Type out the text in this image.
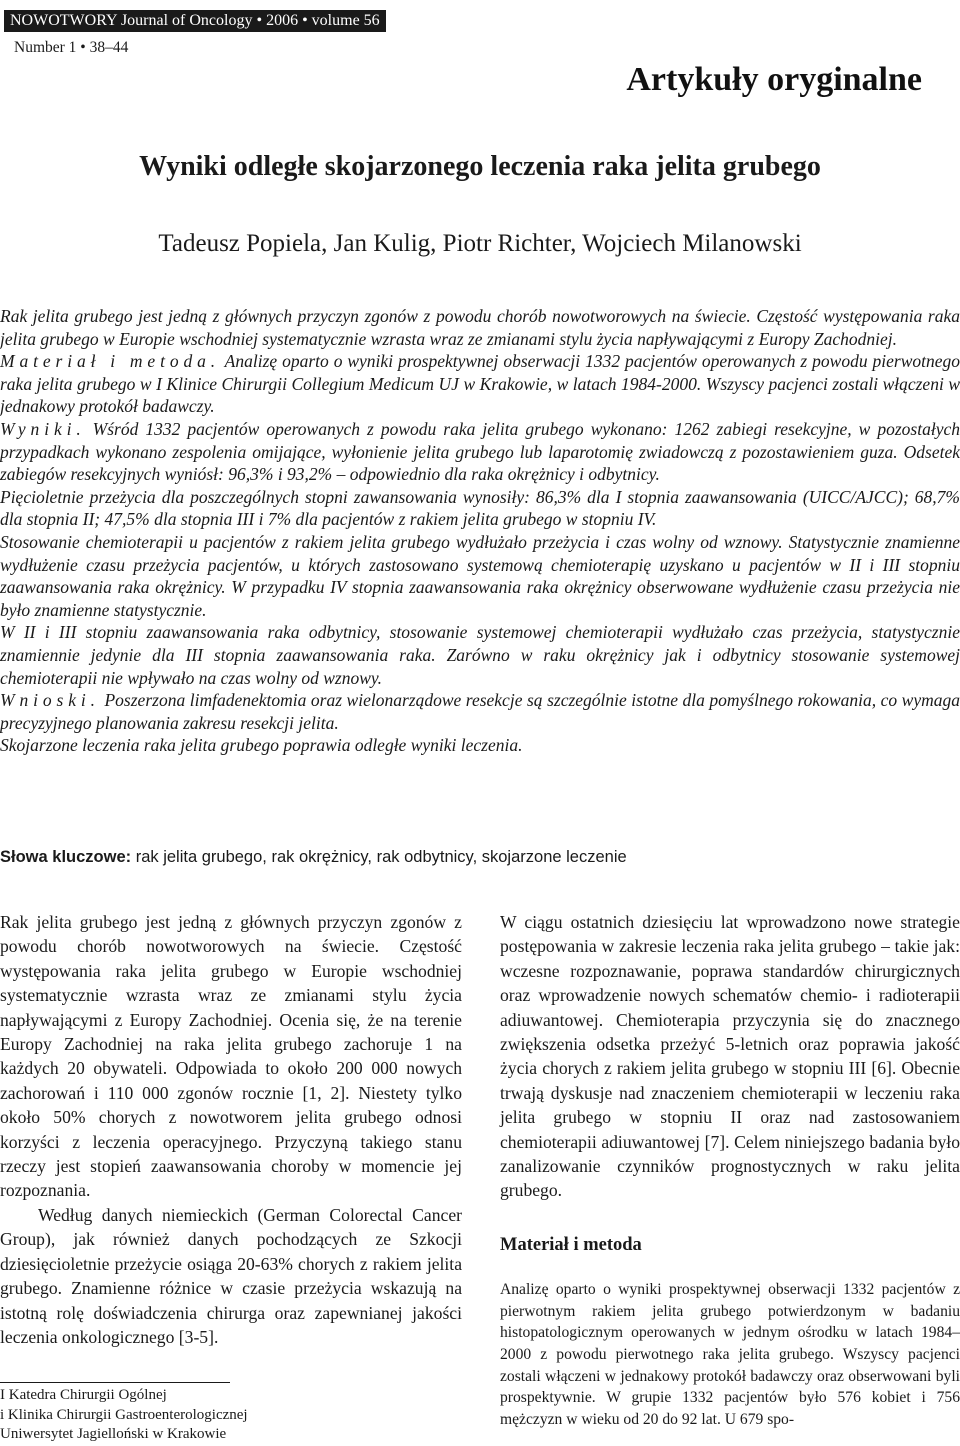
NOWOTWORY Journal of Oncology • 2006 • volume 56
Number 1 • 38–44
Artykuły oryginalne
Wyniki odległe skojarzonego leczenia raka jelita grubego
Tadeusz Popiela, Jan Kulig, Piotr Richter, Wojciech Milanowski

Rak jelita grubego jest jedną z głównych przyczyn zgonów z powodu chorób nowotworowych na świecie. Częstość występowania raka jelita grubego w Europie wschodniej systematycznie wzrasta wraz ze zmianami stylu życia napływającymi z Europy Zachodniej.

Materiał i metoda. Analizę oparto o wyniki prospektywnej obserwacji 1332 pacjentów operowanych z powodu pierwotnego raka jelita grubego w I Klinice Chirurgii Collegium Medicum UJ w Krakowie, w latach 1984-2000. Wszyscy pacjenci zostali włączeni w jednakowy protokół badawczy.

Wyniki. Wśród 1332 pacjentów operowanych z powodu raka jelita grubego wykonano: 1262 zabiegi resekcyjne, w pozostałych przypadkach wykonano zespolenia omijające, wyłonienie jelita grubego lub laparotomię zwiadowczą z pozostawieniem guza. Odsetek zabiegów resekcyjnych wyniósł: 96,3% i 93,2% – odpowiednio dla raka okrężnicy i odbytnicy.

Pięcioletnie przeżycia dla poszczególnych stopni zawansowania wynosiły: 86,3% dla I stopnia zaawansowania (UICC/AJCC); 68,7% dla stopnia II; 47,5% dla stopnia III i 7% dla pacjentów z rakiem jelita grubego w stopniu IV.

Stosowanie chemioterapii u pacjentów z rakiem jelita grubego wydłużało przeżycia i czas wolny od wznowy. Statystycznie znamienne wydłużenie czasu przeżycia pacjentów, u których zastosowano systemową chemioterapię uzyskano u pacjentów w II i III stopniu zaawansowania raka okrężnicy. W przypadku IV stopnia zaawansowania raka okrężnicy obserwowane wydłużenie czasu przeżycia nie było znamienne statystycznie.

W II i III stopniu zaawansowania raka odbytnicy, stosowanie systemowej chemioterapii wydłużało czas przeżycia, statystycznie znamiennie jedynie dla III stopnia zaawansowania raka. Zarówno w raku okrężnicy jak i odbytnicy stosowanie systemowej chemioterapii nie wpływało na czas wolny od wznowy.

Wnioski. Poszerzona limfadenektomia oraz wielonarządowe resekcje są szczególnie istotne dla pomyślnego rokowania, co wymaga precyzyjnego planowania zakresu resekcji jelita.

Skojarzone leczenia raka jelita grubego poprawia odległe wyniki leczenia.

Słowa kluczowe: rak jelita grubego, rak okrężnicy, rak odbytnicy, skojarzone leczenie

Rak jelita grubego jest jedną z głównych przyczyn zgonów z powodu chorób nowotworowych na świecie. Częstość występowania raka jelita grubego w Europie wschodniej systematycznie wzrasta wraz ze zmianami stylu życia napływającymi z Europy Zachodniej. Ocenia się, że na terenie Europy Zachodniej na raka jelita grubego zachoruje 1 na każdych 20 obywateli. Odpowiada to około 200 000 nowych zachorowań i 110 000 zgonów rocznie [1, 2]. Niestety tylko około 50% chorych z nowotworem jelita grubego odnosi korzyści z leczenia operacyjnego. Przyczyną takiego stanu rzeczy jest stopień zaawansowania choroby w momencie jej rozpoznania.

Według danych niemieckich (German Colorectal Cancer Group), jak również danych pochodzących ze Szkocji dziesięcioletnie przeżycie osiąga 20-63% chorych z rakiem jelita grubego. Znamienne różnice w czasie przeżycia wskazują na istotną rolę doświadczenia chirurga oraz zapewnianej jakości leczenia onkologicznego [3-5].

W ciągu ostatnich dziesięciu lat wprowadzono nowe strategie postępowania w zakresie leczenia raka jelita grubego – takie jak: wczesne rozpoznawanie, poprawa standardów chirurgicznych oraz wprowadzenie nowych schematów chemio- i radioterapii adiuwantowej. Chemioterapia przyczynia się do znacznego zwiększenia odsetka przeżyć 5-letnich oraz poprawia jakość życia chorych z rakiem jelita grubego w stopniu III [6]. Obecnie trwają dyskusje nad znaczeniem chemioterapii w leczeniu raka jelita grubego w stopniu II oraz nad zastosowaniem chemioterapii adiuwantowej [7]. Celem niniejszego badania było zanalizowanie czynników prognostycznych w raku jelita grubego.

Materiał i metoda

Analizę oparto o wyniki prospektywnej obserwacji 1332 pacjentów z pierwotnym rakiem jelita grubego potwierdzonym w badaniu histopatologicznym operowanych w jednym ośrodku w latach 1984–2000 z powodu pierwotnego raka jelita grubego. Wszyscy pacjenci zostali włączeni w jednakowy protokół badawczy oraz obserwowani byli prospektywnie. W grupie 1332 pacjentów było 576 kobiet i 756 mężczyzn w wieku od 20 do 92 lat. U 679 spo-

I Katedra Chirurgii Ogólnej
i Klinika Chirurgii Gastroenterologicznej
Uniwersytet Jagielloński w Krakowie
